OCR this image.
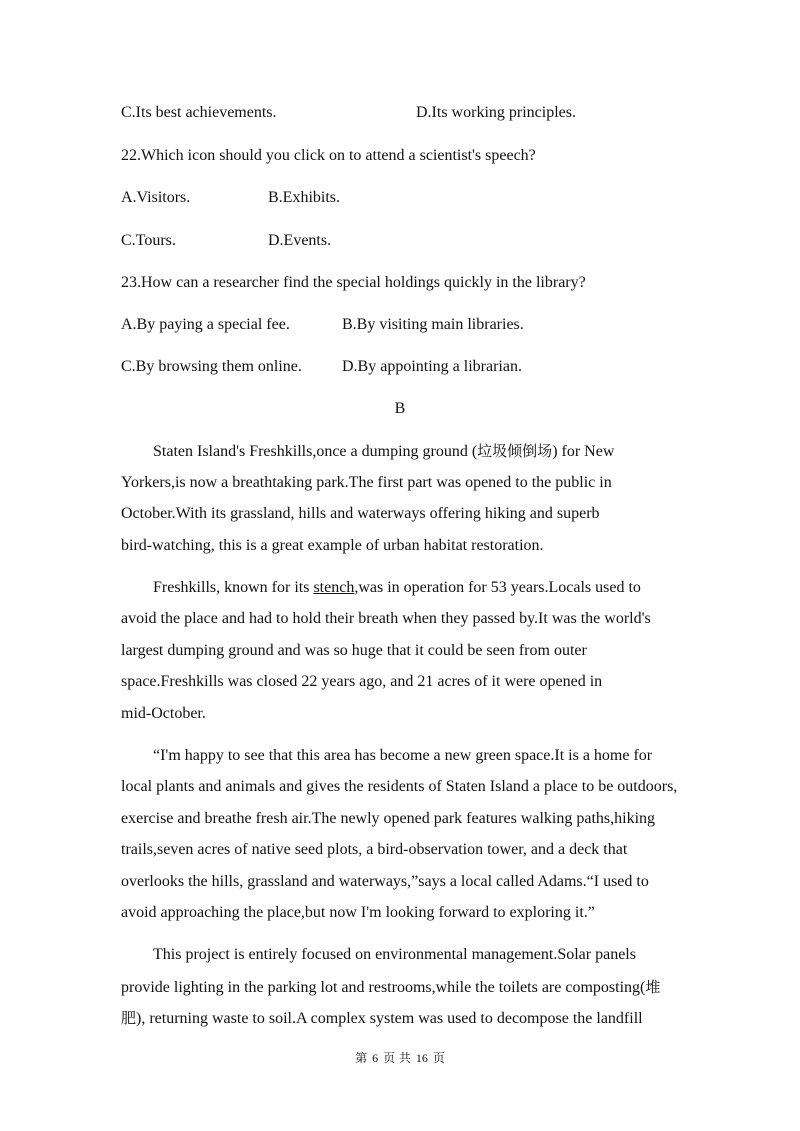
C.Its best achievements.	D.Its working principles.
22.Which icon should you click on to attend a scientist's speech?
A.Visitors.	B.Exhibits.
C.Tours.	D.Events.
23.How can a researcher find the special holdings quickly in the library?
A.By paying a special fee.	B.By visiting main libraries.
C.By browsing them online.	D.By appointing a librarian.
B
Staten Island's Freshkills,once a dumping ground (垃圾倾倒场) for New
Yorkers,is now a breathtaking park.The first part was opened to the public in
October.With its grassland, hills and waterways offering hiking and superb
bird-watching, this is a great example of urban habitat restoration.
Freshkills, known for its stench,was in operation for 53 years.Locals used to
avoid the place and had to hold their breath when they passed by.It was the world's
largest dumping ground and was so huge that it could be seen from outer
space.Freshkills was closed 22 years ago, and 21 acres of it were opened in
mid-October.
“I'm happy to see that this area has become a new green space.It is a home for
local plants and animals and gives the residents of Staten Island a place to be outdoors,
exercise and breathe fresh air.The newly opened park features walking paths,hiking
trails,seven acres of native seed plots, a bird-observation tower, and a deck that
overlooks the hills, grassland and waterways,”says a local called Adams.“I used to
avoid approaching the place,but now I'm looking forward to exploring it.”
This project is entirely focused on environmental management.Solar panels
provide lighting in the parking lot and restrooms,while the toilets are composting(堆
肥), returning waste to soil.A complex system was used to decompose the landfill
第 6 页 共 16 页
